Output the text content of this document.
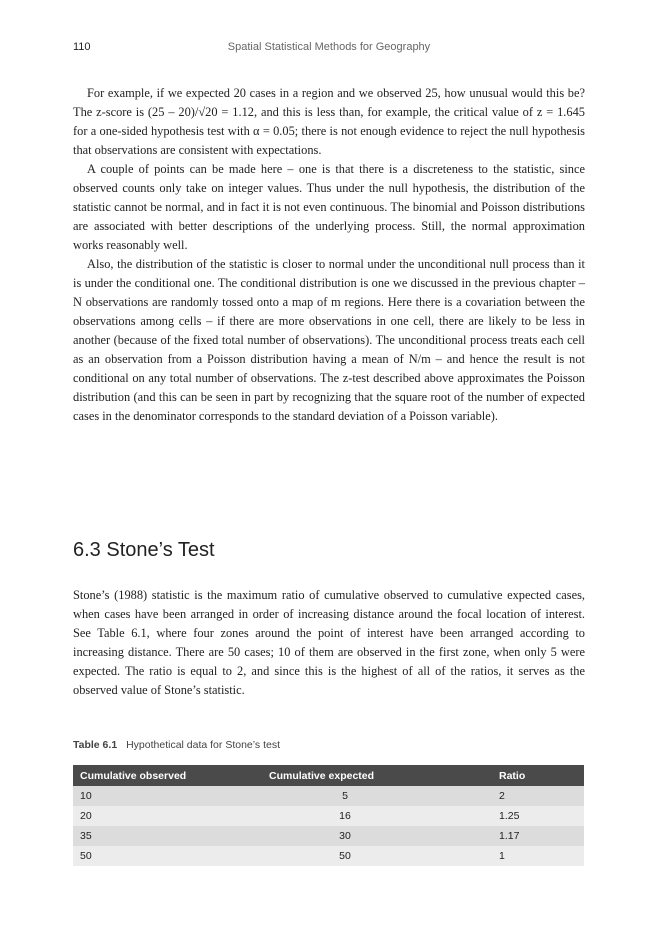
110	Spatial Statistical Methods for Geography

For example, if we expected 20 cases in a region and we observed 25, how unusual would this be? The z-score is (25 – 20)/√20 = 1.12, and this is less than, for example, the critical value of z = 1.645 for a one-sided hypothesis test with α = 0.05; there is not enough evidence to reject the null hypothesis that observations are consistent with expectations.

A couple of points can be made here – one is that there is a discreteness to the statistic, since observed counts only take on integer values. Thus under the null hypothesis, the distribution of the statistic cannot be normal, and in fact it is not even continuous. The binomial and Poisson distributions are associated with better descriptions of the underlying process. Still, the normal approximation works reasonably well.

Also, the distribution of the statistic is closer to normal under the unconditional null process than it is under the conditional one. The conditional distribution is one we discussed in the previous chapter – N observations are randomly tossed onto a map of m regions. Here there is a covariation between the observations among cells – if there are more observations in one cell, there are likely to be less in another (because of the fixed total number of observations). The unconditional process treats each cell as an observation from a Poisson distribution having a mean of N/m – and hence the result is not conditional on any total number of observations. The z-test described above approximates the Poisson distribution (and this can be seen in part by recognizing that the square root of the number of expected cases in the denominator corresponds to the standard deviation of a Poisson variable).

6.3 Stone’s Test

Stone’s (1988) statistic is the maximum ratio of cumulative observed to cumulative expected cases, when cases have been arranged in order of increasing distance around the focal location of interest. See Table 6.1, where four zones around the point of interest have been arranged according to increasing distance. There are 50 cases; 10 of them are observed in the first zone, when only 5 were expected. The ratio is equal to 2, and since this is the highest of all of the ratios, it serves as the observed value of Stone’s statistic.

Table 6.1 Hypothetical data for Stone’s test
Cumulative observed	Cumulative expected	Ratio
10	5	2
20	16	1.25
35	30	1.17
50	50	1
